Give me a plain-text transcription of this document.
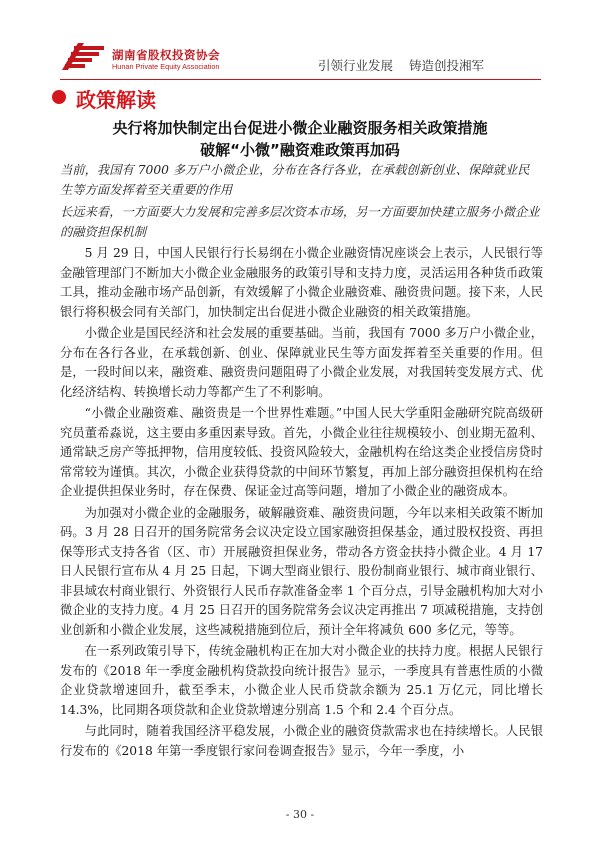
湖南省股权投资协会
Hunan Private Equity Association	引领行业发展 铸造创投湘军
政策解读
央行将加快制定出台促进小微企业融资服务相关政策措施
破解“小微”融资难政策再加码
当前，我国有 7000 多万户小微企业，分布在各行各业，在承载创新创业、保障就业民生等方面发挥着至关重要的作用
长远来看，一方面要大力发展和完善多层次资本市场，另一方面要加快建立服务小微企业的融资担保机制

5 月 29 日，中国人民银行行长易纲在小微企业融资情况座谈会上表示，人民银行等金融管理部门不断加大小微企业金融服务的政策引导和支持力度，灵活运用各种货币政策工具，推动金融市场产品创新，有效缓解了小微企业融资难、融资贵问题。接下来，人民银行将积极会同有关部门，加快制定出台促进小微企业融资的相关政策措施。

小微企业是国民经济和社会发展的重要基础。当前，我国有 7000 多万户小微企业，分布在各行各业，在承载创新、创业、保障就业民生等方面发挥着至关重要的作用。但是，一段时间以来，融资难、融资贵问题阻碍了小微企业发展，对我国转变发展方式、优化经济结构、转换增长动力等都产生了不利影响。

“小微企业融资难、融资贵是一个世界性难题。”中国人民大学重阳金融研究院高级研究员董希淼说，这主要由多重因素导致。首先，小微企业往往规模较小、创业期无盈利、通常缺乏房产等抵押物，信用度较低、投资风险较大，金融机构在给这类企业授信房贷时常常较为谨慎。其次，小微企业获得贷款的中间环节繁复，再加上部分融资担保机构在给企业提供担保业务时，存在保费、保证金过高等问题，增加了小微企业的融资成本。

为加强对小微企业的金融服务，破解融资难、融资贵问题，今年以来相关政策不断加码。3 月 28 日召开的国务院常务会议决定设立国家融资担保基金，通过股权投资、再担保等形式支持各省（区、市）开展融资担保业务，带动各方资金扶持小微企业。4 月 17 日人民银行宣布从 4 月 25 日起，下调大型商业银行、股份制商业银行、城市商业银行、非县域农村商业银行、外资银行人民币存款准备金率 1 个百分点，引导金融机构加大对小微企业的支持力度。4 月 25 日召开的国务院常务会议决定再推出 7 项减税措施，支持创业创新和小微企业发展，这些减税措施到位后，预计全年将减负 600 多亿元，等等。

在一系列政策引导下，传统金融机构正在加大对小微企业的扶持力度。根据人民银行发布的《2018 年一季度金融机构贷款投向统计报告》显示，一季度具有普惠性质的小微企业贷款增速回升，截至季末，小微企业人民币贷款余额为 25.1 万亿元，同比增长 14.3%，比同期各项贷款和企业贷款增速分别高 1.5 个和 2.4 个百分点。

与此同时，随着我国经济平稳发展，小微企业的融资贷款需求也在持续增长。人民银行发布的《2018 年第一季度银行家问卷调查报告》显示，今年一季度，小

- 30 -
